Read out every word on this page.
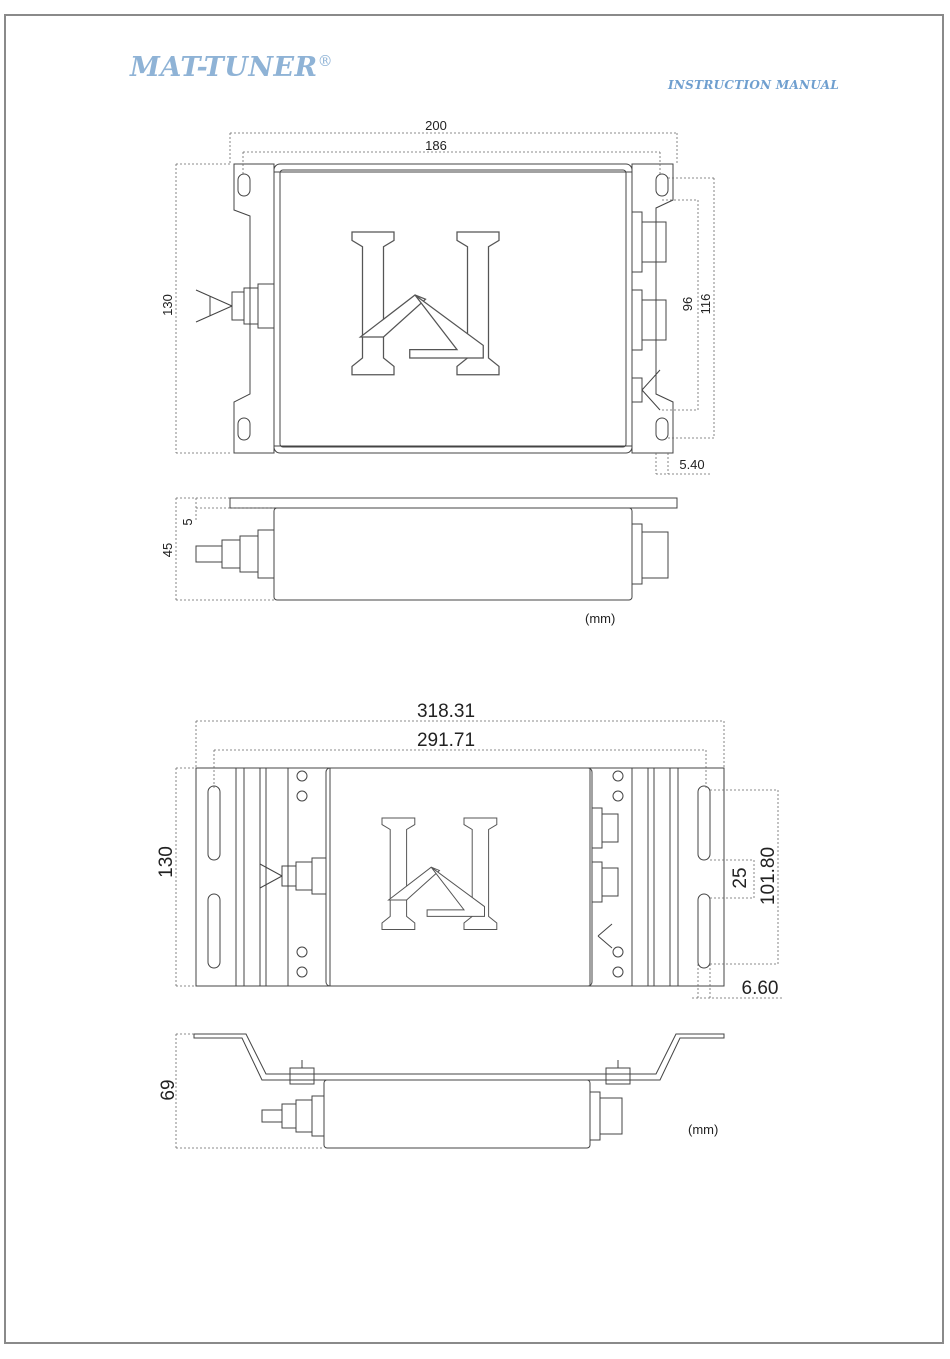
MAT-TUNER®
INSTRUCTION MANUAL
200
186
130	96 116
5.40
5
45
(mm)
318.31
291.71
130
25 101.80
6.60
69
(mm)
